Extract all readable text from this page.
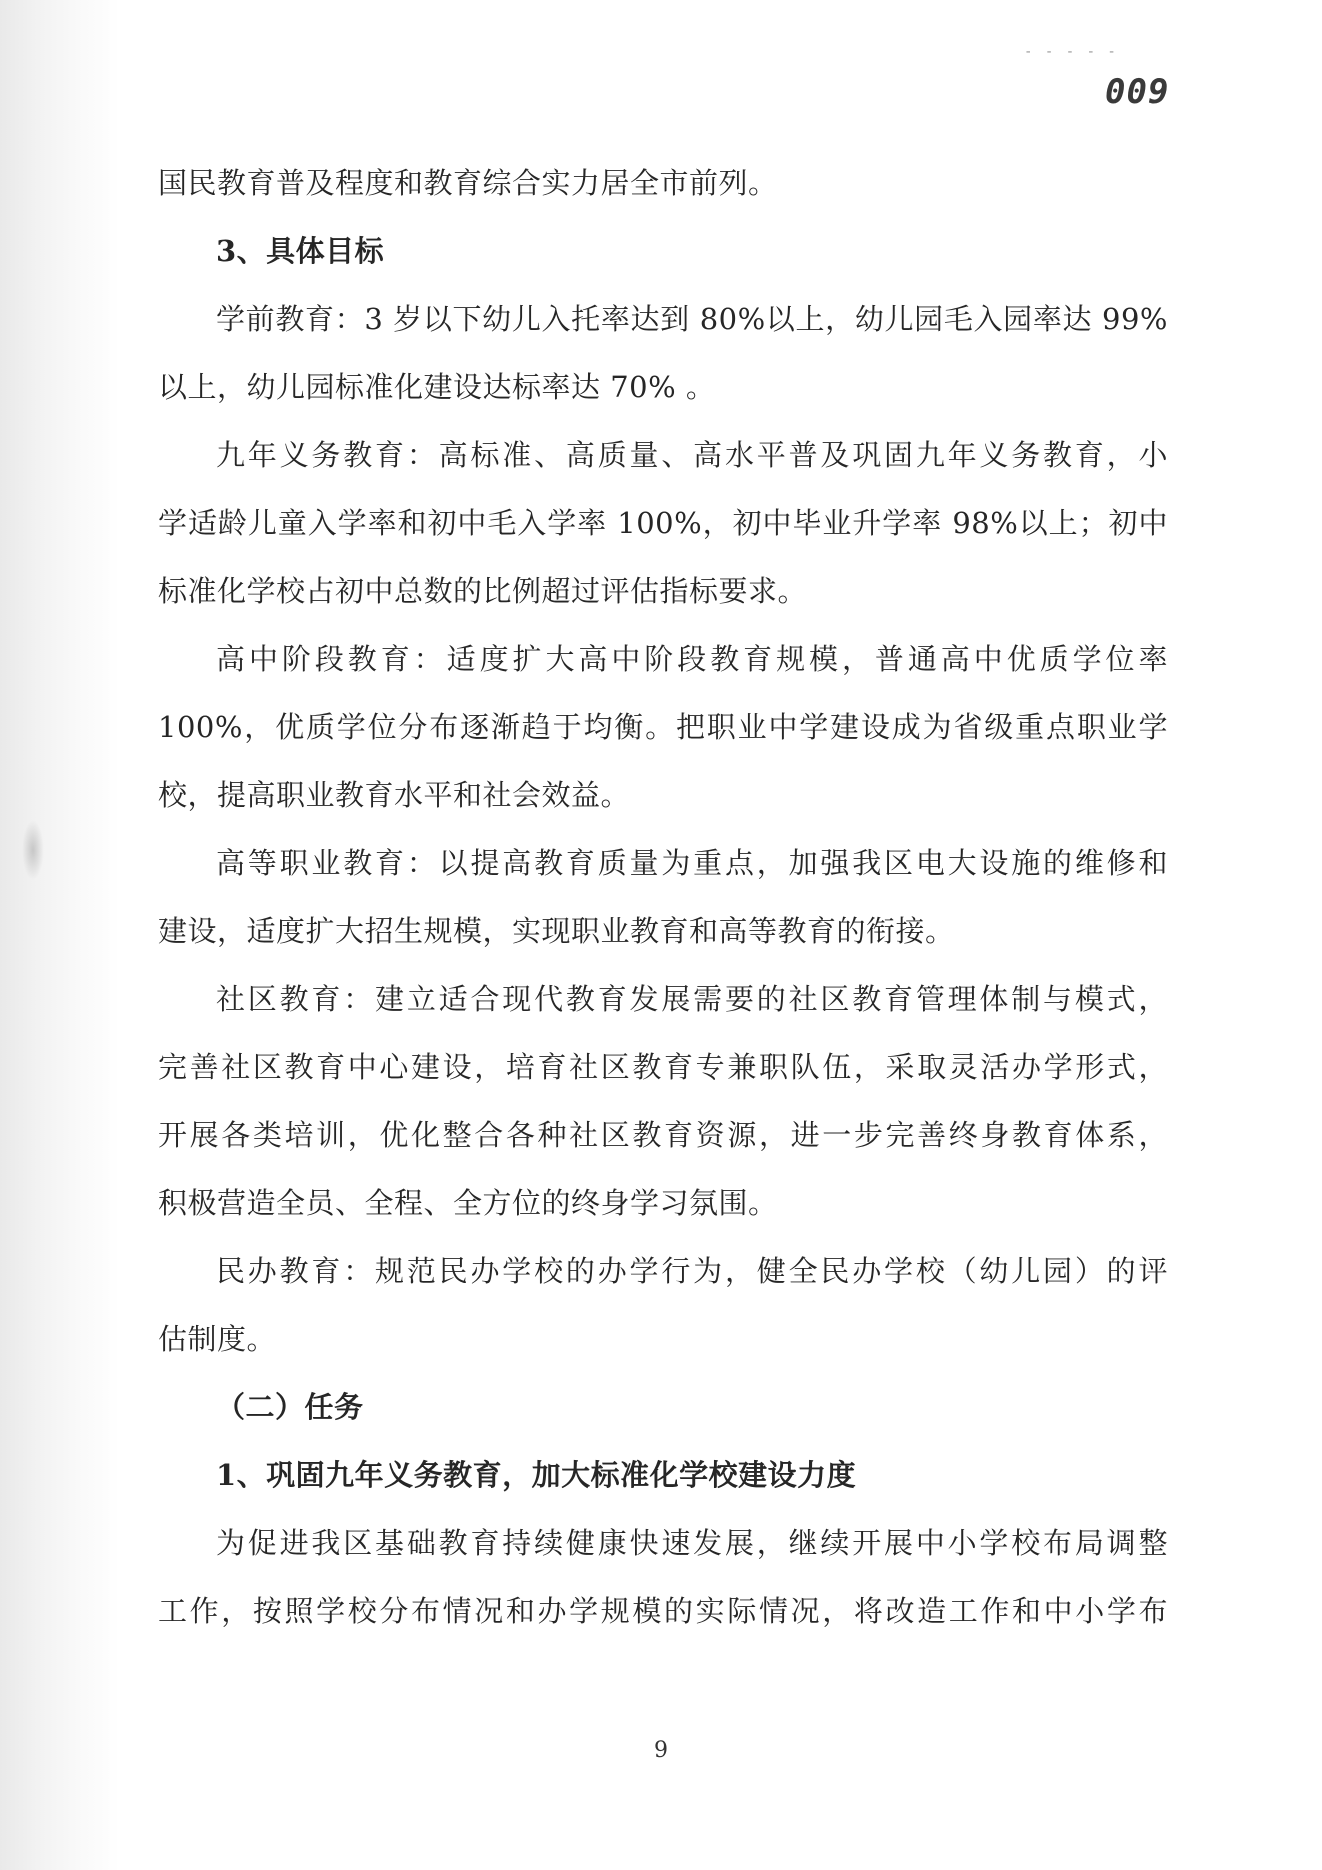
- - - - -
009
国民教育普及程度和教育综合实力居全市前列。
3、具体目标
学前教育：3 岁以下幼儿入托率达到 80%以上，幼儿园毛入园率达 99%
以上，幼儿园标准化建设达标率达 70% 。
九年义务教育：高标准、高质量、高水平普及巩固九年义务教育，小
学适龄儿童入学率和初中毛入学率 100%，初中毕业升学率 98%以上；初中
标准化学校占初中总数的比例超过评估指标要求。
高中阶段教育：适度扩大高中阶段教育规模，普通高中优质学位率
100%，优质学位分布逐渐趋于均衡。把职业中学建设成为省级重点职业学
校，提高职业教育水平和社会效益。
高等职业教育：以提高教育质量为重点，加强我区电大设施的维修和
建设，适度扩大招生规模，实现职业教育和高等教育的衔接。
社区教育：建立适合现代教育发展需要的社区教育管理体制与模式，
完善社区教育中心建设，培育社区教育专兼职队伍，采取灵活办学形式，
开展各类培训，优化整合各种社区教育资源，进一步完善终身教育体系，
积极营造全员、全程、全方位的终身学习氛围。
民办教育：规范民办学校的办学行为，健全民办学校（幼儿园）的评
估制度。
（二）任务
1、巩固九年义务教育，加大标准化学校建设力度
为促进我区基础教育持续健康快速发展，继续开展中小学校布局调整
工作，按照学校分布情况和办学规模的实际情况，将改造工作和中小学布
9
